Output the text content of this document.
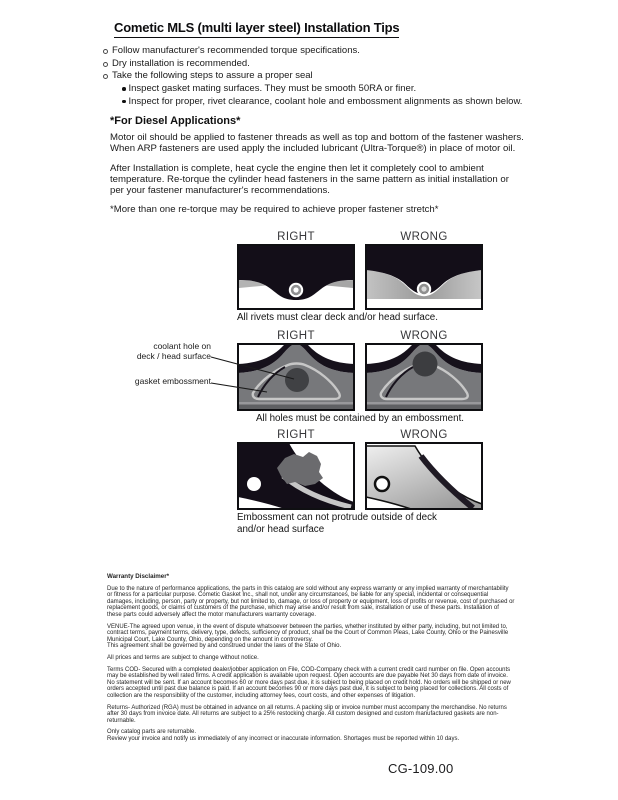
Cometic MLS (multi layer steel) Installation Tips
Follow manufacturer's recommended torque specifications.
Dry installation is recommended.
Take the following steps to assure a proper seal
Inspect gasket mating surfaces. They must be smooth 50RA or finer.
Inspect for proper, rivet clearance, coolant hole and embossment alignments as shown below.
*For Diesel Applications*

Motor oil should be applied to fastener threads as well as top and bottom of the fastener washers. When ARP fasteners are used apply the included lubricant (Ultra-Torque®) in place of motor oil.

After Installation is complete, heat cycle the engine then let it completely cool to ambient temperature. Re-torque the cylinder head fasteners in the same pattern as initial installation or per your fastener manufacturer's recommendations.

*More than one re-torque may be required to achieve proper fastener stretch*

RIGHT	WRONG
All rivets must clear deck and/or head surface.
RIGHT	WRONG
All holes must be contained by an embossment.
coolant hole on
deck / head surface
gasket embossment
RIGHT	WRONG
Embossment can not protrude outside of deck
and/or head surface
Warranty Disclaimer*

Due to the nature of performance applications, the parts in this catalog are sold without any express warranty or any implied warranty of merchantability or fitness for a particular purpose. Cometic Gasket Inc., shall not, under any circumstances, be liable for any special, incidental or consequential damages, including, person, party or property, but not limited to, damage, or loss of property or equipment, loss of profits or revenue, cost of purchased or replacement goods, or claims of customers of the purchase, which may arise and/or result from sale, installation or use of these parts. Installation of these parts could adversely affect the motor manufacturers warranty coverage.

VENUE-The agreed upon venue, in the event of dispute whatsoever between the parties, whether instituted by either party, including, but not limited to, contract terms, payment terms, delivery, type, defects, sufficiency of product, shall be the Court of Common Pleas, Lake County, Ohio or the Painesville Municipal Court, Lake County, Ohio, depending on the amount in controversy.

This agreement shall be governed by and construed under the laws of the State of Ohio.

All prices and terms are subject to change without notice.

Terms COD- Secured with a completed dealer/jobber application on File, COD-Company check with a current credit card number on file. Open accounts may be established by well rated firms. A credit application is available upon request. Open accounts are due payable Net 30 days from date of invoice. No statement will be sent. If an account becomes 60 or more days past due, it is subject to being placed on credit hold. No orders will be shipped or new orders accepted until past due balance is paid. If an account becomes 90 or more days past due, it is subject to being placed for collections. All costs of collection are the responsibility of the customer, including attorney fees, court costs, and other expenses of litigation.

Returns- Authorized (RGA) must be obtained in advance on all returns. A packing slip or invoice number must accompany the merchandise. No returns after 30 days from invoice date. All returns are subject to a 25% restocking charge. All custom designed and custom manufactured gaskets are non-returnable.

Only catalog parts are returnable.

Review your invoice and notify us immediately of any incorrect or inaccurate information. Shortages must be reported within 10 days.

CG-109.00
